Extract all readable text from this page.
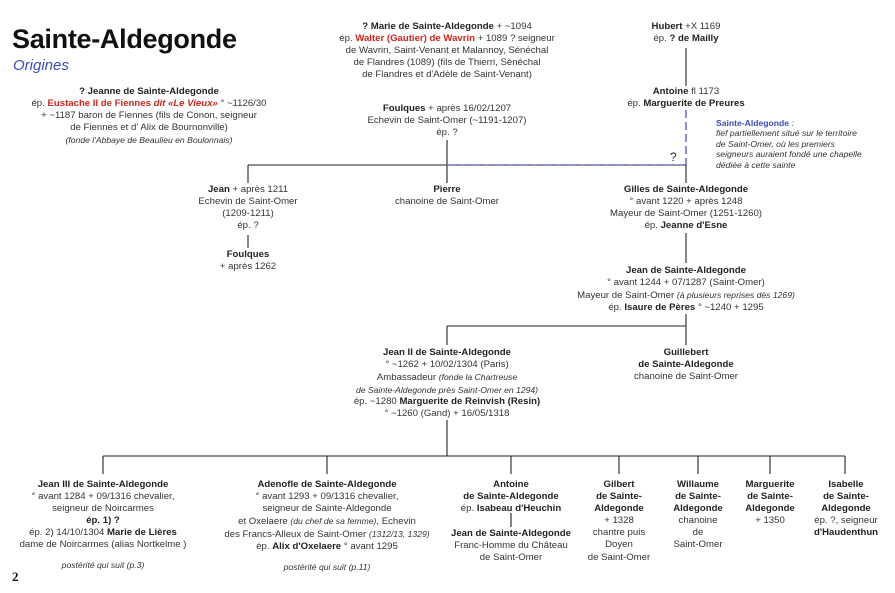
Sainte-Aldegonde
Origines
2
?
Sainte-Aldegonde :
fief partiellement situé sur le territoire
de Saint-Omer, où les premiers
seigneurs auraient fondé une chapelle
dédiée à cette sainte
? Jeanne de Sainte-Aldegonde
ép. Eustache II de Fiennes dit «Le Vieux» ° ~1126/30
+ ~1187 baron de Fiennes (fils de Conon, seigneur
de Fiennes et d' Alix de Bournonville)
(fonde l'Abbaye de Beaulieu en Boulonnais)
? Marie de Sainte-Aldegonde + ~1094
ép. Walter (Gautier) de Wavrin + 1089 ? seigneur
de Wavrin, Saint-Venant et Malannoy, Sénéchal
de Flandres (1089) (fils de Thierri, Sénéchal
de Flandres et d'Adèle de Saint-Venant)
Hubert +X 1169
ép. ? de Mailly
Antoine fl 1173
ép. Marguerite de Preures
Foulques + après 16/02/1207
Echevin de Saint-Omer (~1191-1207)
ép. ?
Jean + après 1211
Echevin de Saint-Omer
(1209-1211)
ép. ?
Pierre
chanoine de Saint-Omer
Gilles de Sainte-Aldegonde
° avant 1220 + après 1248
Mayeur de Saint-Omer (1251-1260)
ép. Jeanne d'Esne
Foulques
+ après 1262	Jean de Sainte-Aldegonde
° avant 1244 + 07/1287 (Saint-Omer)
Mayeur de Saint-Omer (à plusieurs reprises dès 1269)
ép. Isaure de Pères ° ~1240 + 1295
Jean II de Sainte-Aldegonde
° ~1262 + 10/02/1304 (Paris)
Ambassadeur (fonde la Chartreuse
de Sainte-Aldegonde près Saint-Omer en 1294)
ép. ~1280 Marguerite de Reinvish (Resin)
° ~1260 (Gand) + 16/05/1318
Guillebert
de Sainte-Aldegonde
chanoine de Saint-Omer
Jean III de Sainte-Aldegonde
° avant 1284 + 09/1316 chevalier,
seigneur de Noircarmes
ép. 1) ?
ép. 2) 14/10/1304 Marie de Lières
dame de Noircarmes (alias Nortkelme )
postérité qui suit (p.3)
Adenofle de Sainte-Aldegonde
° avant 1293 + 09/1316 chevalier,
seigneur de Sainte-Aldegonde
et Oxelaere (du chef de sa femme), Echevin
des Francs-Alleux de Saint-Omer (1312/13, 1329)
ép. Alix d'Oxelaere ° avant 1295
postérité qui suit (p.11)
Antoine
de Sainte-Aldegonde
ép. Isabeau d'Heuchin
Jean de Sainte-Aldegonde
Franc-Homme du Château
de Saint-Omer
Gilbert
de Sainte-
Aldegonde
+ 1328
chantre puis
Doyen
de Saint-Omer
Willaume
de Sainte-
Aldegonde
chanoine
de
Saint-Omer
Marguerite
de Sainte-
Aldegonde
+ 1350
Isabelle
de Sainte-
Aldegonde
ép. ?, seigneur
d'Haudenthun
